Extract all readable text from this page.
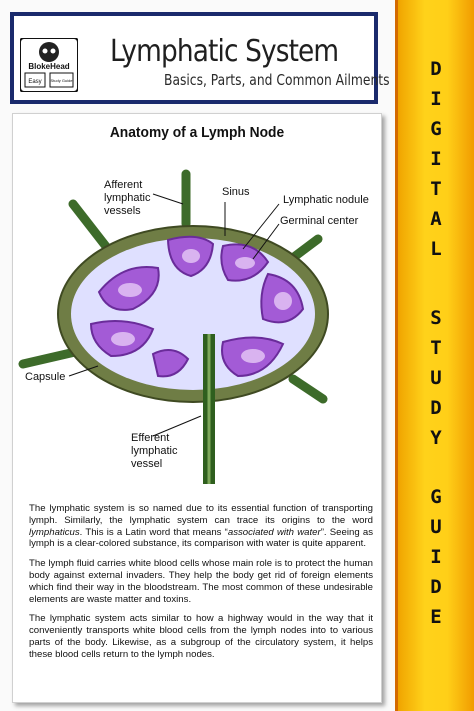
BlokeHead
Easy Study Guide
Lymphatic System
Basics, Parts, and Common Ailments
Anatomy of a Lymph Node
Afferent
lymphatic
vessels
Sinus
Lymphatic nodule
Germinal center
Capsule
Efferent
lymphatic
vessel

The lymphatic system is so named due to its essential function of transporting lymph. Similarly, the lymphatic system can trace its origins to the word lymphaticus. This is a Latin word that means “associated with water”. Seeing as lymph is a clear-colored substance, its comparison with water is quite apparent.

The lymph fluid carries white blood cells whose main role is to protect the human body against external invaders. They help the body get rid of foreign elements which find their way in the bloodstream. The most common of these undesirable elements are waste matter and toxins.

The lymphatic system acts similar to how a highway would in the way that it conveniently transports white blood cells from the lymph nodes into to various parts of the body. Likewise, as a subgroup of the circulatory system, it helps these blood cells return to the lymph nodes.

D
I
G
I
T
A
L
S
T
U
D
Y
G
U
I
D
E
